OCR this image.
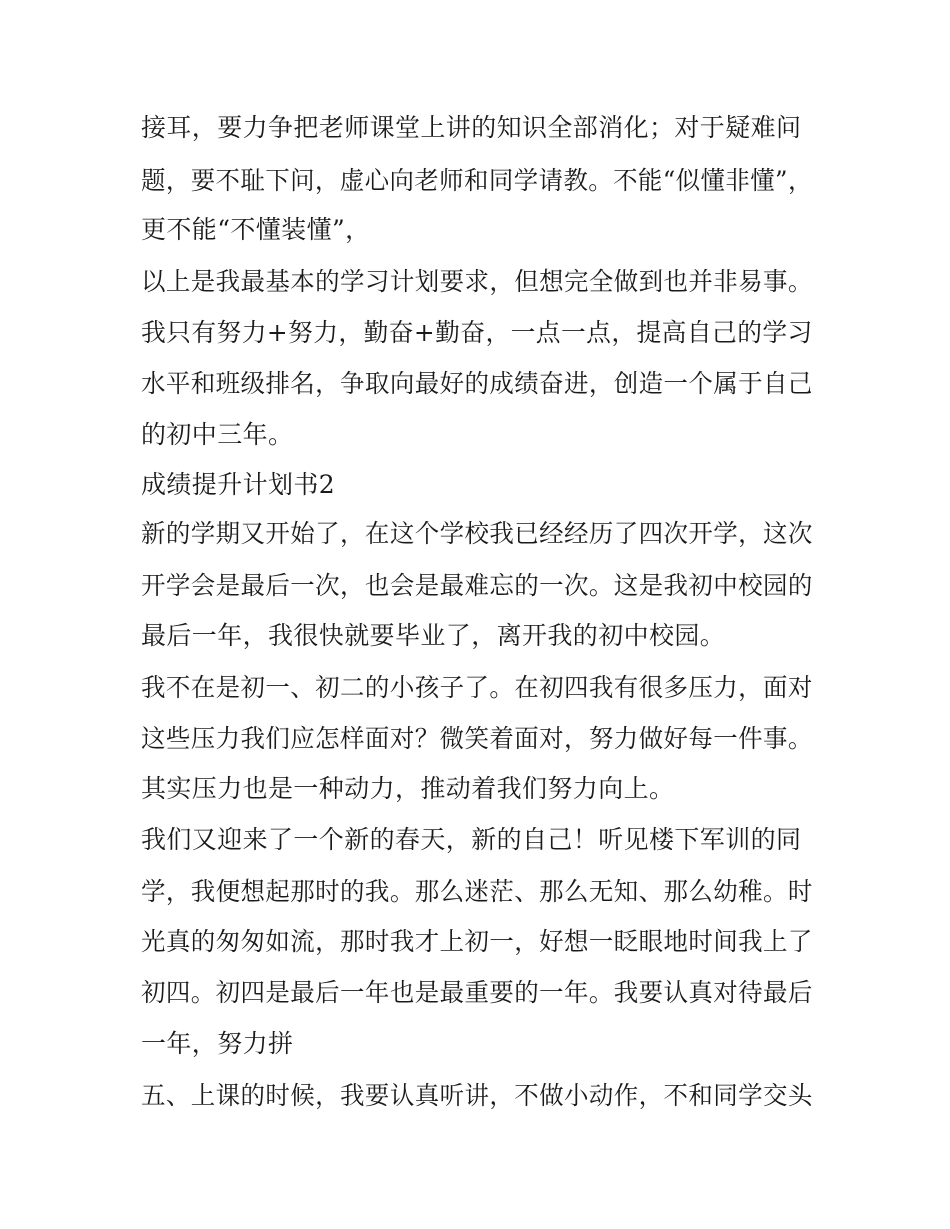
接耳，要力争把老师课堂上讲的知识全部消化；对于疑难问
题，要不耻下问，虚心向老师和同学请教。不能“似懂非懂”，
更不能“不懂装懂”，
以上是我最基本的学习计划要求，但想完全做到也并非易事。
我只有努力+努力，勤奋+勤奋，一点一点，提高自己的学习
水平和班级排名，争取向最好的成绩奋进，创造一个属于自己
的初中三年。
成绩提升计划书2
新的学期又开始了，在这个学校我已经经历了四次开学，这次
开学会是最后一次，也会是最难忘的一次。这是我初中校园的
最后一年，我很快就要毕业了，离开我的初中校园。
我不在是初一、初二的小孩子了。在初四我有很多压力，面对
这些压力我们应怎样面对？微笑着面对，努力做好每一件事。
其实压力也是一种动力，推动着我们努力向上。
我们又迎来了一个新的春天，新的自己！听见楼下军训的同
学，我便想起那时的我。那么迷茫、那么无知、那么幼稚。时
光真的匆匆如流，那时我才上初一，好想一眨眼地时间我上了
初四。初四是最后一年也是最重要的一年。我要认真对待最后
一年，努力拼
五、上课的时候，我要认真听讲，不做小动作，不和同学交头
